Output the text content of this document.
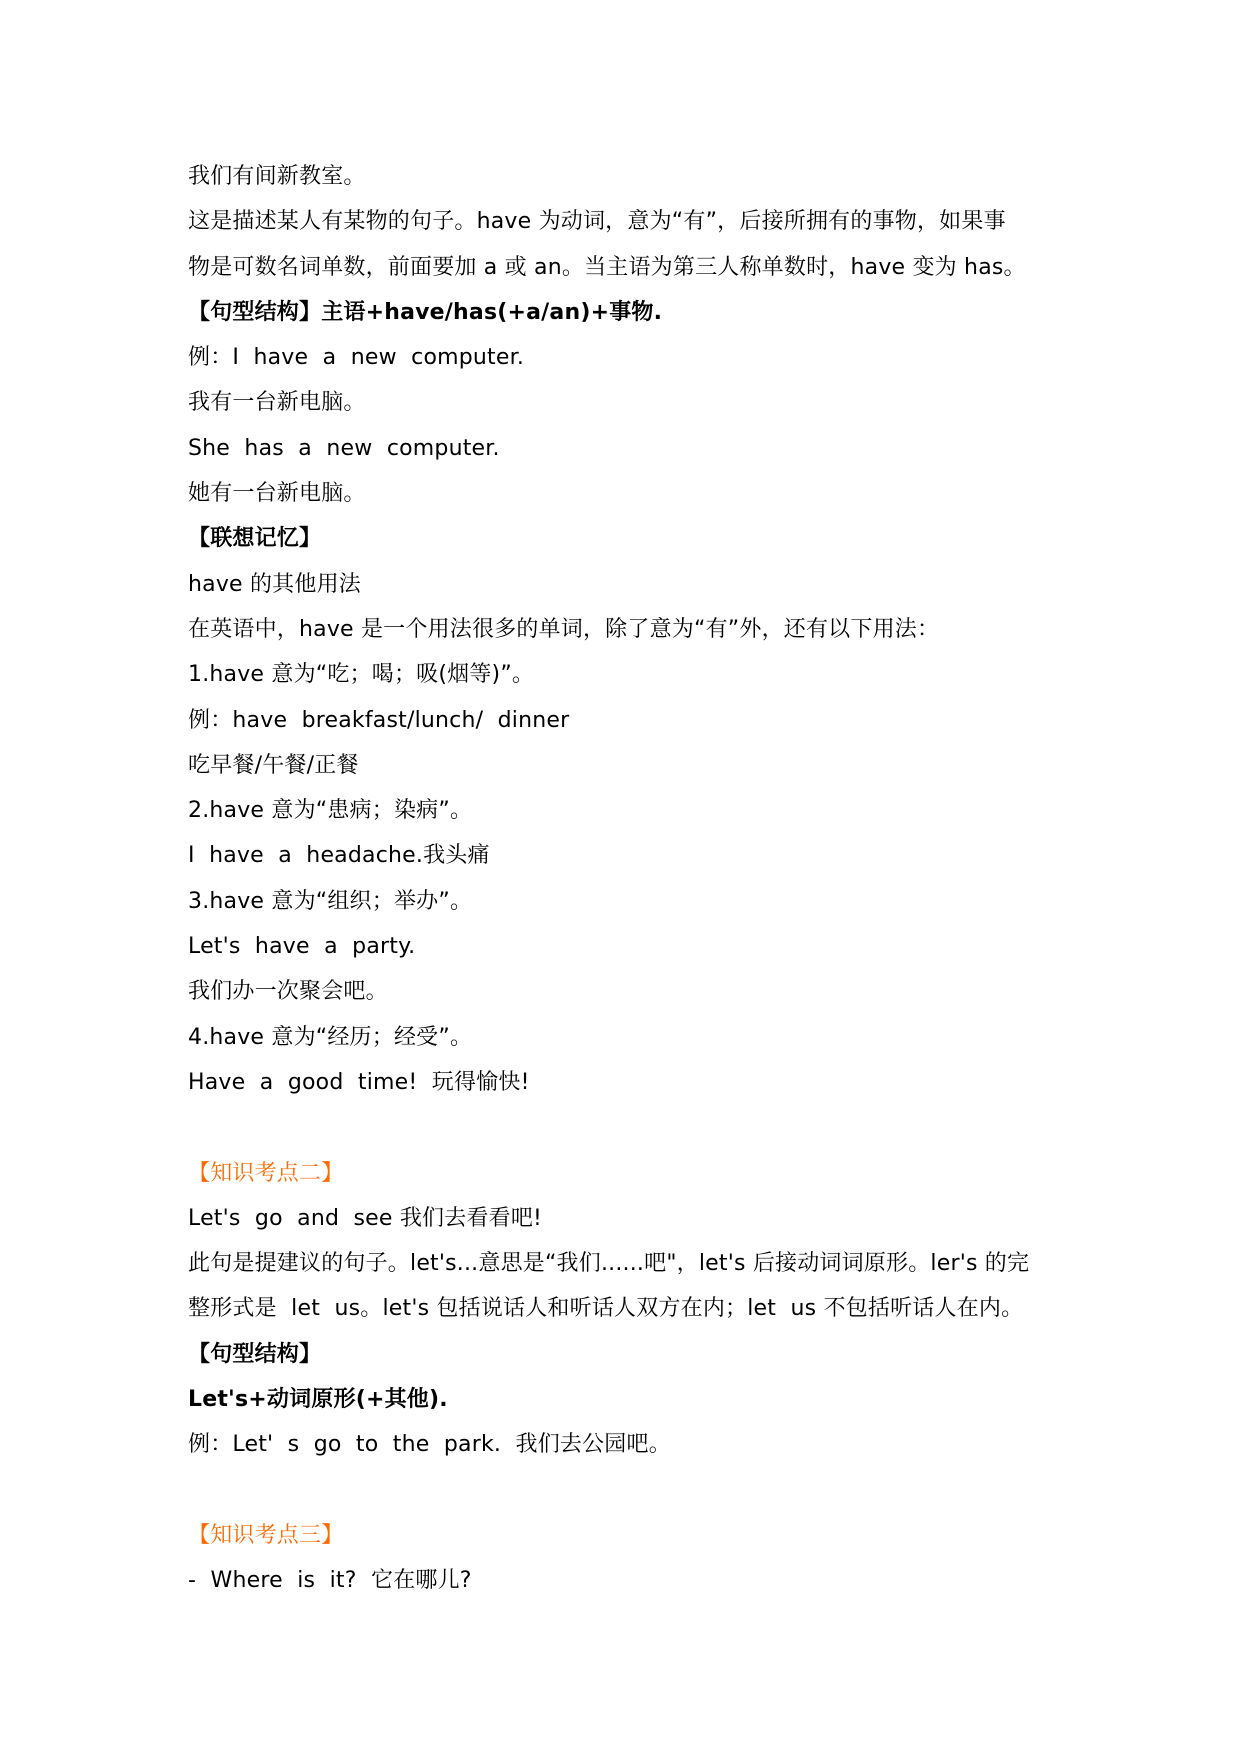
我们有间新教室。
这是描述某人有某物的句子。have 为动词，意为“有”，后接所拥有的事物，如果事
物是可数名词单数，前面要加 a 或 an。当主语为第三人称单数时，have 变为 has。
【句型结构】主语+have/has(+a/an)+事物.
例：I  have  a  new  computer.
我有一台新电脑。
She  has  a  new  computer.
她有一台新电脑。
【联想记忆】
have 的其他用法
在英语中，have 是一个用法很多的单词，除了意为“有”外，还有以下用法：
1.have 意为“吃；喝；吸(烟等)”。
例：have  breakfast/lunch/  dinner
吃早餐/午餐/正餐
2.have 意为“患病；染病”。
I  have  a  headache.我头痛
3.have 意为“组织；举办”。
Let's  have  a  party.
我们办一次聚会吧。
4.have 意为“经历；经受”。
Have  a  good  time!  玩得愉快!
【知识考点二】
Let's  go  and  see 我们去看看吧!
此句是提建议的句子。let's...意思是“我们......吧"，let's 后接动词词原形。ler's 的完
整形式是  let  us。let's 包括说话人和听话人双方在内；let  us 不包括听话人在内。
【句型结构】
Let's+动词原形(+其他).
例：Let'  s  go  to  the  park.  我们去公园吧。
【知识考点三】
-  Where  is  it?  它在哪儿?
